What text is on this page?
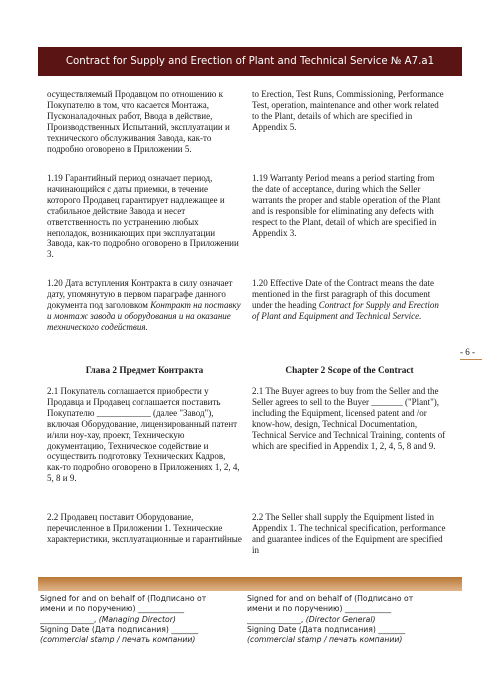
Contract for Supply and Erection of Plant and Technical Service № A7.a1
осуществляемый Продавцом по отношению к Покупателю в том, что касается Монтажа, Пусконаладочных работ, Ввода в действие, Производственных Испытаний, эксплуатации и технического обслуживания Завода, как-то подробно оговорено в Приложении 5.
to Erection, Test Runs, Commissioning, Performance Test, operation, maintenance and other work related to the Plant, details of which are specified in Appendix 5.
1.19 Гарантийный период означает период, начинающийся с даты приемки, в течение которого Продавец гарантирует надлежащее и стабильное действие Завода и несет ответственность по устранению любых неполадок, возникающих при эксплуатации Завода, как-то подробно оговорено в Приложении 3.
1.19 Warranty Period means a period starting from the date of acceptance, during which the Seller warrants the proper and stable operation of the Plant and is responsible for eliminating any defects with respect to the Plant, detail of which are specified in Appendix 3.
1.20 Дата вступления Контракта в силу означает дату, упомянутую в первом параграфе данного документа под заголовком Контракт на поставку и монтаж завода и оборудования и на оказание технического содействия.
1.20 Effective Date of the Contract means the date mentioned in the first paragraph of this document under the heading Contract for Supply and Erection of Plant and Equipment and Technical Service.
Глава 2 Предмет Контракта	Chapter 2 Scope of the Contract
2.1 Покупатель соглашается приобрести у Продавца и Продавец соглашается поставить Покупателю ____________ (далее "Завод"), включая Оборудование, лицензированный патент и/или ноу-хау, проект, Техническую документацию, Техническое содействие и осуществить подготовку Технических Кадров, как-то подробно оговорено в Приложениях 1, 2, 4, 5, 8 и 9.
2.1 The Buyer agrees to buy from the Seller and the Seller agrees to sell to the Buyer _______ ("Plant"), including the Equipment, licensed patent and /or know-how, design, Technical Documentation, Technical Service and Technical Training, contents of which are specified in Appendix 1, 2, 4, 5, 8 and 9.
2.2 Продавец поставит Оборудование, перечисленное в Приложении 1. Технические характеристики, эксплуатационные и гарантийные
2.2 The Seller shall supply the Equipment listed in Appendix 1. The technical specification, performance and guarantee indices of the Equipment are specified in
- 6 -
Signed for and on behalf of (Подписано от
имени и по поручению) ____________
______________, (Managing Director)
Signing Date (Дата подписания) _______
(commercial stamp / печать компании)
Signed for and on behalf of (Подписано от
имени и по поручению) ____________
______________, (Director General)
Signing Date (Дата подписания) _______
(commercial stamp / печать компании)
